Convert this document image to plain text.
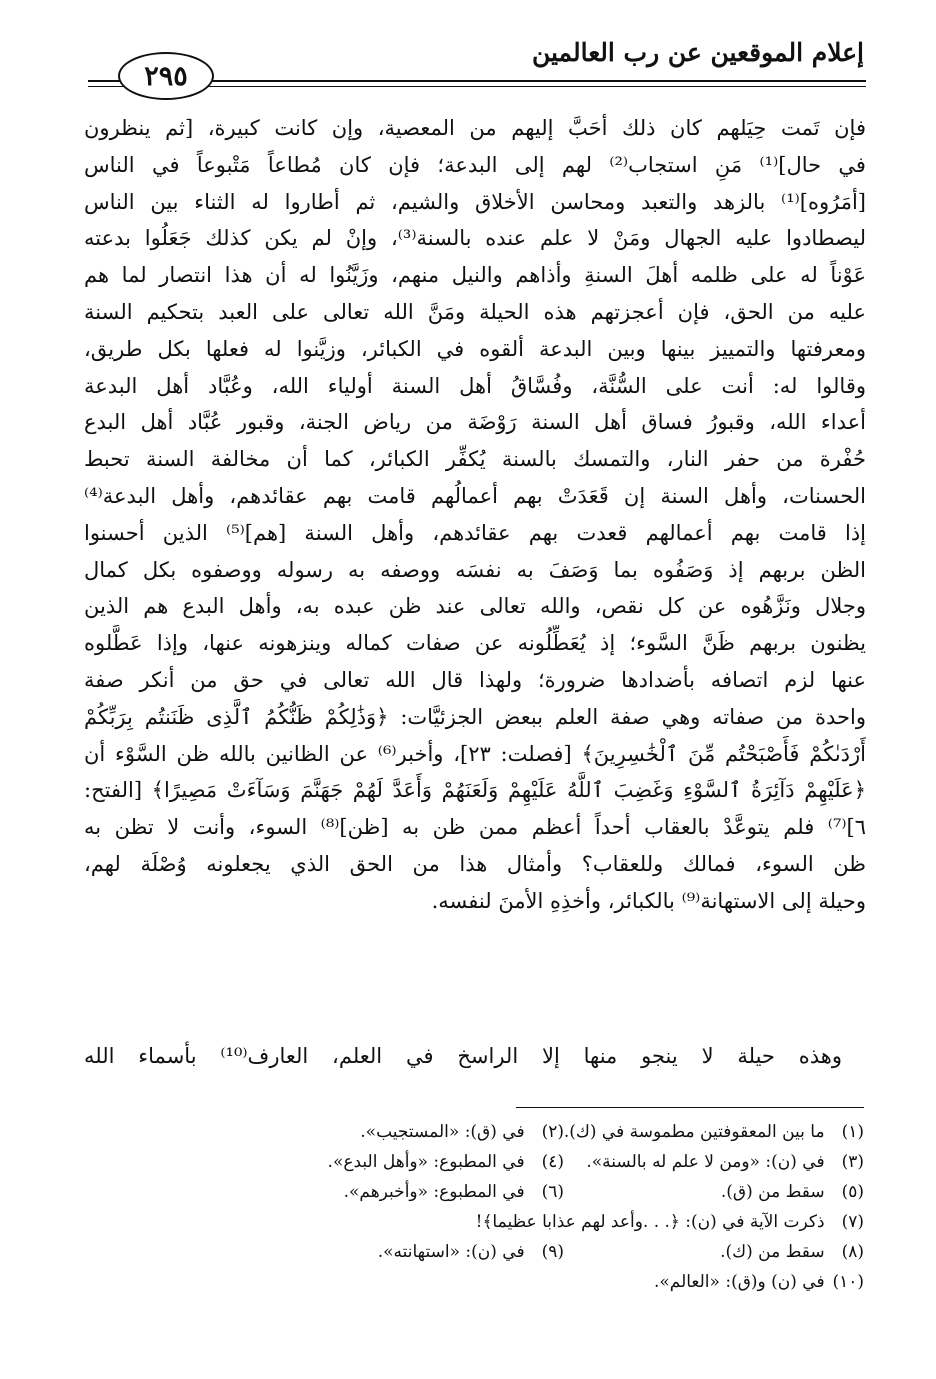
إعلام الموقعين عن رب العالمين
٢٩٥
فإن تَمت حِيَلهم كان ذلك أحَبَّ إليهم من المعصية، وإن كانت كبيرة، [ثم ينظرون
في حال]⁽¹⁾ مَنِ استجاب⁽²⁾ لهم إلى البدعة؛ فإن كان مُطاعاً مَتْبوعاً في الناس
[أمَرُوه]⁽¹⁾ بالزهد والتعبد ومحاسن الأخلاق والشيم، ثم أطاروا له الثناء بين الناس
ليصطادوا عليه الجهال ومَنْ لا علم عنده بالسنة⁽³⁾، وإنْ لم يكن كذلك جَعَلُوا بدعته
عَوْناً له على ظلمه أهلَ السنةِ وأذاهم والنيل منهم، وزَيَّنُوا له أن هذا انتصار لما هم
عليه من الحق، فإن أعجزتهم هذه الحيلة ومَنَّ الله تعالى على العبد بتحكيم السنة
ومعرفتها والتمييز بينها وبين البدعة ألقوه في الكبائر، وزيَّنوا له فعلها بكل طريق،
وقالوا له: أنت على السُّنَّة، وفُسَّاقُ أهل السنة أولياء الله، وعُبَّاد أهل البدعة
أعداء الله، وقبورُ فساق أهل السنة رَوْضَة من رياض الجنة، وقبور عُبَّاد أهل البدع
حُفْرة من حفر النار، والتمسك بالسنة يُكفِّر الكبائر، كما أن مخالفة السنة تحبط
الحسنات، وأهل السنة إن قَعَدَتْ بهم أعمالُهم قامت بهم عقائدهم، وأهل البدعة⁽⁴⁾
إذا قامت بهم أعمالهم قعدت بهم عقائدهم، وأهل السنة [هم]⁽⁵⁾ الذين أحسنوا
الظن بربهم إذ وَصَفُوه بما وَصَفَ به نفسَه ووصفه به رسوله ووصفوه بكل كمال
وجلال ونَزَّهُوه عن كل نقص، والله تعالى عند ظن عبده به، وأهل البدع هم الذين
يظنون بربهم ظَنَّ السَّوء؛ إذ يُعَطِّلُونه عن صفات كماله وينزهونه عنها، وإذا عَطَّلوه
عنها لزم اتصافه بأضدادها ضرورة؛ ولهذا قال الله تعالى في حق من أنكر صفة
واحدة من صفاته وهي صفة العلم ببعض الجزئيَّات: ﴿وَذَٰلِكُمْ ظَنُّكُمُ ٱلَّذِى ظَنَنتُم بِرَبِّكُمْ
أَرْدَىٰكُمْ فَأَصْبَحْتُم مِّنَ ٱلْخَٰسِرِينَ﴾ [فصلت: ٢٣]، وأخبر⁽⁶⁾ عن الظانين بالله ظن السَّوْء أن
﴿عَلَيْهِمْ دَآئِرَةُ ٱلسَّوْءِ وَغَضِبَ ٱللَّهُ عَلَيْهِمْ وَلَعَنَهُمْ وَأَعَدَّ لَهُمْ جَهَنَّمَ وَسَآءَتْ مَصِيرًا﴾ [الفتح:
٦]⁽⁷⁾ فلم يتوعَّدْ بالعقاب أحداً أعظم ممن ظن به [ظن]⁽⁸⁾ السوء، وأنت لا تظن به
ظن السوء، فمالك وللعقاب؟ وأمثال هذا من الحق الذي يجعلونه وُصْلَة لهم،
وحيلة إلى الاستهانة⁽⁹⁾ بالكبائر، وأخذِهِ الأمنَ لنفسه.
وهذه حيلة لا ينجو منها إلا الراسخ في العلم، العارف⁽¹⁰⁾ بأسماء الله
(١) ما بين المعقوفتين مطموسة في (ك).
(٢) في (ق): «المستجيب».
(٣) في (ن): «ومن لا علم له بالسنة».
(٤) في المطبوع: «وأهل البدع».
(٥) سقط من (ق).
(٦) في المطبوع: «وأخبرهم».
(٧) ذكرت الآية في (ن): ﴿. . .وأعد لهم عذابا عظيما﴾!
(٨) سقط من (ك).
(٩) في (ن): «استهانته».
(١٠) في (ن) و(ق): «العالم».
